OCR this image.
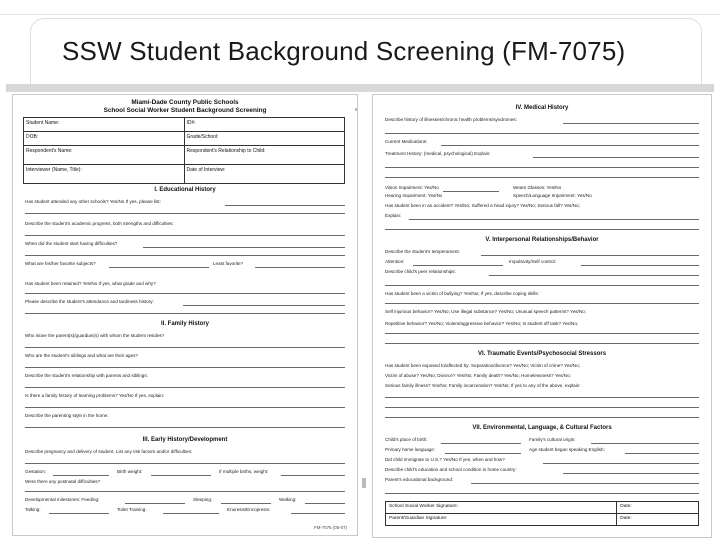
SSW Student Background Screening (FM-7075)
Miami-Dade County Public Schools
School Social Worker Student Background Screening
Student Name:	ID#:
DOB:	Grade/School:
Respondent's Name:	Respondent's Relationship to Child:
Interviewer (Name, Title):	Date of Interview:
I. Educational History
Has student attended any other schools? Yes/No If yes, please list:
Describe the student's academic progress, both strengths and difficulties:
When did the student start having difficulties?
What are his/her favorite subjects?	Least favorite?
Has student been retained? Yes/No If yes, what grade and why?
Please describe the student's attendance and tardiness history:
II. Family History
Who is/are the parent(s)/guardian(s) with whom the student resides?
Who are the student's siblings and what are their ages?
Describe the student's relationship with parents and siblings:
Is there a family history of learning problems? Yes/No If yes, explain:
Describe the parenting style in the home:
III. Early History/Development
Describe pregnancy and delivery of student. List any risk factors and/or difficulties:
Gestation:	Birth weight:	If multiple births, weight:
Were there any postnatal difficulties?
Developmental milestones: Feeding:	Sleeping:	Walking:
Talking:	Toilet Training:	Enuresis/Encopresis:
FM-7075 (05-07)
IV. Medical History
Describe history of illnesses/chronic health problems/syndromes:
Current Medications:
Treatment History: (medical, psychological) Explain:
Vision Impairment: Yes/No	Wears Glasses: Yes/No
Hearing Impairment: Yes/No	Speech/Language Impairment: Yes/No
Has student been in an accident? Yes/No; Suffered a head injury? Yes/No; Serious fall? Yes/No;
Explain:
V. Interpersonal Relationships/Behavior
Describe the student's temperament:
Attention:	Impulsivity/Self control:
Describe child's peer relationships:
Has student been a victim of bullying? Yes/No; If yes, describe coping skills:
Self injurious behavior? Yes/No; Use illegal substance? Yes/No; Unusual speech patterns? Yes/No;
Repetitive behavior? Yes/No; Violent/aggressive behavior? Yes/No; Is student off task? Yes/No;
VI. Traumatic Events/Psychosocial Stressors
Has student been exposed to/affected by: Separation/divorce? Yes/No; Victim of crime? Yes/No;
Victim of abuse? Yes/No; Divorce? Yes/No; Family death? Yes/No; Homelessness? Yes/No;
Serious family illness? Yes/No; Family incarceration? Yes/No; If yes to any of the above, explain:
VII. Environmental, Language, & Cultural Factors
Child's place of birth:	Family's cultural origin:
Primary home language:	Age student began speaking English:
Did child immigrate to U.S.? Yes/No If yes, when and how?
Describe child's education and school condition in home country:
Parent's educational background:
School Social Worker Signature:	Date:
Parent/Guardian Signature:	Date:
